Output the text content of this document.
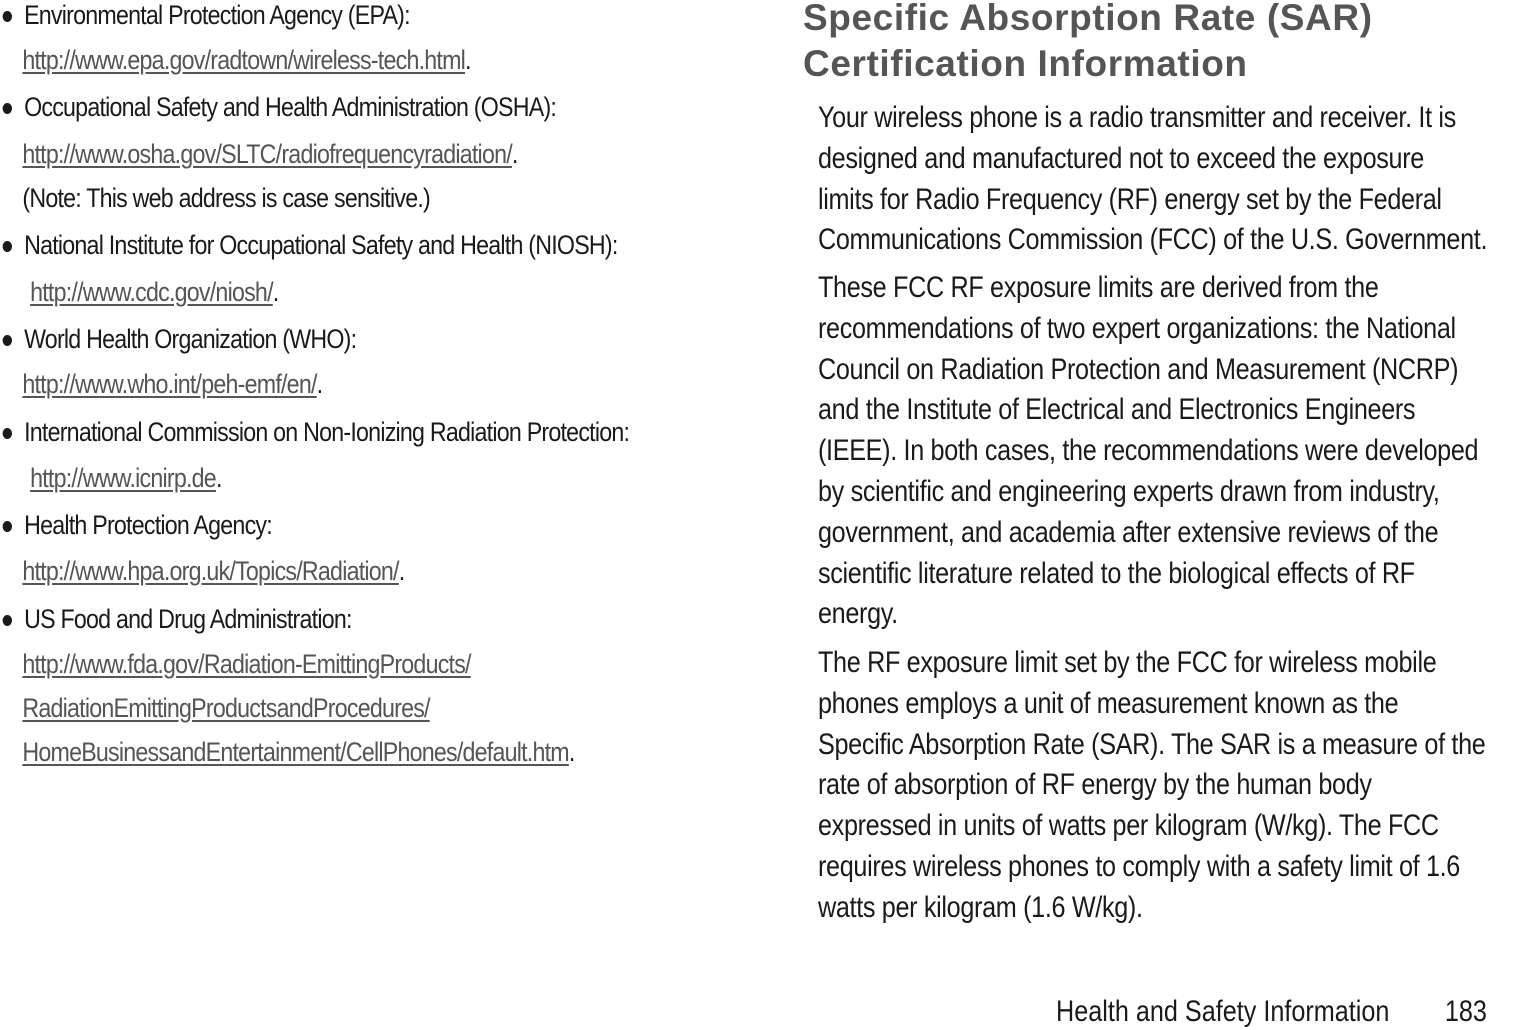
Environmental Protection Agency (EPA):
http://www.epa.gov/radtown/wireless-tech.html.
Occupational Safety and Health Administration (OSHA):
http://www.osha.gov/SLTC/radiofrequencyradiation/.
(Note: This web address is case sensitive.)
National Institute for Occupational Safety and Health (NIOSH):
http://www.cdc.gov/niosh/.
World Health Organization (WHO):
http://www.who.int/peh-emf/en/.
International Commission on Non-Ionizing Radiation Protection:
http://www.icnirp.de.
Health Protection Agency:
http://www.hpa.org.uk/Topics/Radiation/.
US Food and Drug Administration:
http://www.fda.gov/Radiation-EmittingProducts/
RadiationEmittingProductsandProcedures/
HomeBusinessandEntertainment/CellPhones/default.htm.
Specific Absorption Rate (SAR)
Certification Information
Your wireless phone is a radio transmitter and receiver. It is
designed and manufactured not to exceed the exposure
limits for Radio Frequency (RF) energy set by the Federal
Communications Commission (FCC) of the U.S. Government.
These FCC RF exposure limits are derived from the
recommendations of two expert organizations: the National
Council on Radiation Protection and Measurement (NCRP)
and the Institute of Electrical and Electronics Engineers
(IEEE). In both cases, the recommendations were developed
by scientific and engineering experts drawn from industry,
government, and academia after extensive reviews of the
scientific literature related to the biological effects of RF
energy.
The RF exposure limit set by the FCC for wireless mobile
phones employs a unit of measurement known as the
Specific Absorption Rate (SAR). The SAR is a measure of the
rate of absorption of RF energy by the human body
expressed in units of watts per kilogram (W/kg). The FCC
requires wireless phones to comply with a safety limit of 1.6
watts per kilogram (1.6 W/kg).
Health and Safety Information 183
